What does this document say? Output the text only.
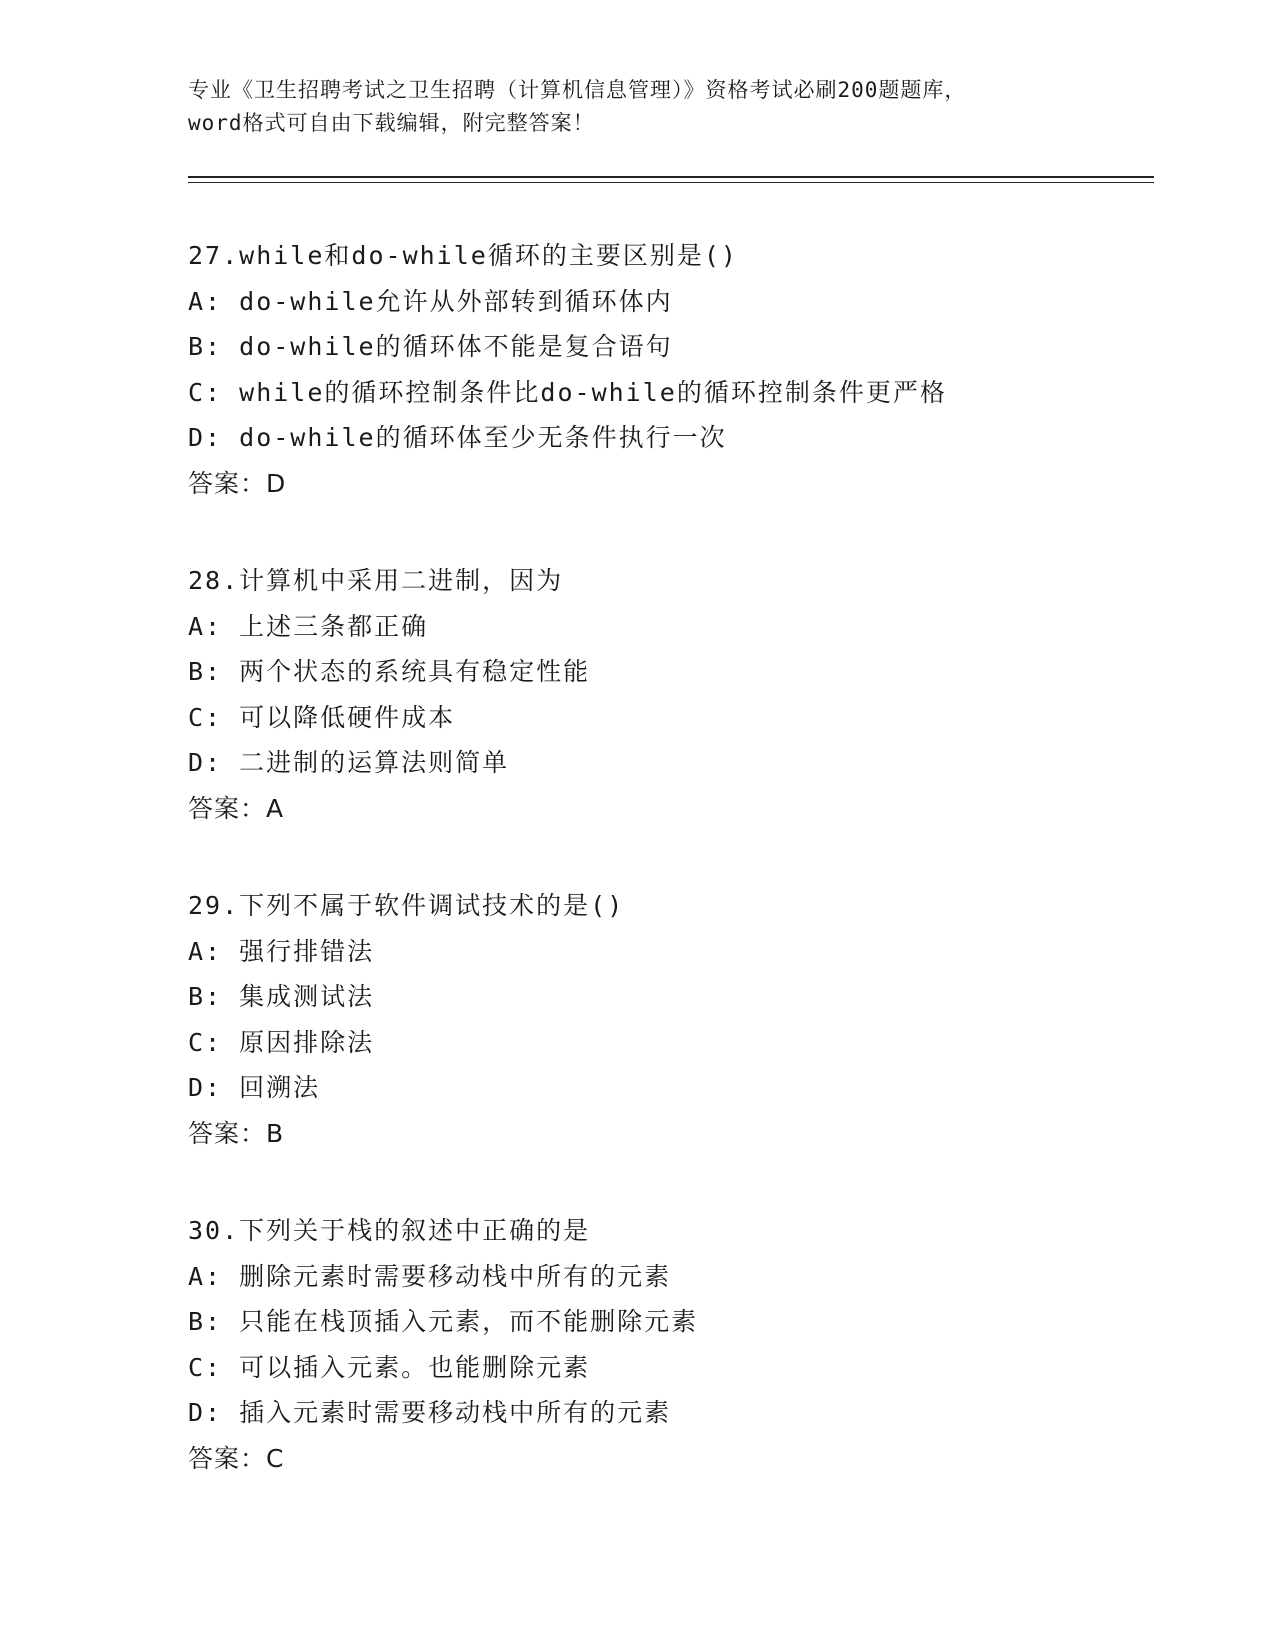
专业《卫生招聘考试之卫生招聘（计算机信息管理）》资格考试必刷200题题库，
word格式可自由下载编辑，附完整答案！
27.while和do-while循环的主要区别是()
A: do-while允许从外部转到循环体内
B: do-while的循环体不能是复合语句
C: while的循环控制条件比do-while的循环控制条件更严格
D: do-while的循环体至少无条件执行一次
答案：D
28.计算机中采用二进制，因为
A: 上述三条都正确
B: 两个状态的系统具有稳定性能
C: 可以降低硬件成本
D: 二进制的运算法则简单
答案：A
29.下列不属于软件调试技术的是()
A: 强行排错法
B: 集成测试法
C: 原因排除法
D: 回溯法
答案：B
30.下列关于栈的叙述中正确的是
A: 删除元素时需要移动栈中所有的元素
B: 只能在栈顶插入元素，而不能删除元素
C: 可以插入元素。也能删除元素
D: 插入元素时需要移动栈中所有的元素
答案：C
